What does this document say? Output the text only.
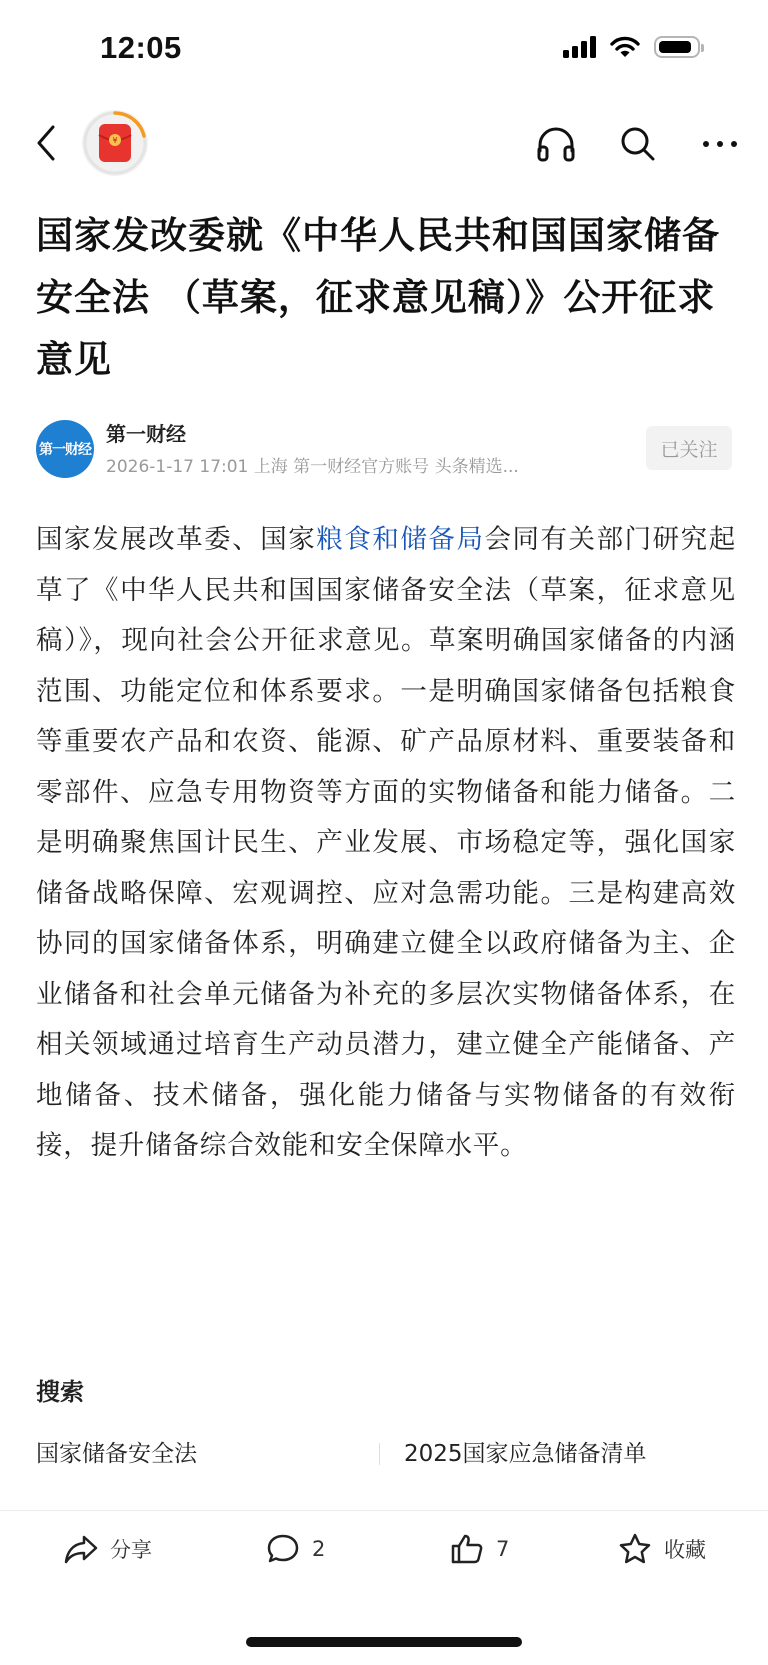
12:05
¥
国家发改委就《中华人民共和国国家储备安全法 （草案，征求意见稿）》公开征求意见
第一财经
第一财经
2026-1-17 17:01 上海 第一财经官方账号 头条精选...
已关注

国家发展改革委、国家粮食和储备局会同有关部门研究起草了《中华人民共和国国家储备安全法（草案，征求意见稿）》，现向社会公开征求意见。草案明确国家储备的内涵范围、功能定位和体系要求。一是明确国家储备包括粮食等重要农产品和农资、能源、矿产品原材料、重要装备和零部件、应急专用物资等方面的实物储备和能力储备。二是明确聚焦国计民生、产业发展、市场稳定等，强化国家储备战略保障、宏观调控、应对急需功能。三是构建高效协同的国家储备体系，明确建立健全以政府储备为主、企业储备和社会单元储备为补充的多层次实物储备体系，在相关领域通过培育生产动员潜力，建立健全产能储备、产地储备、技术储备，强化能力储备与实物储备的有效衔接，提升储备综合效能和安全保障水平。

搜索
国家储备安全法	2025国家应急储备清单
分享	2	7	收藏
